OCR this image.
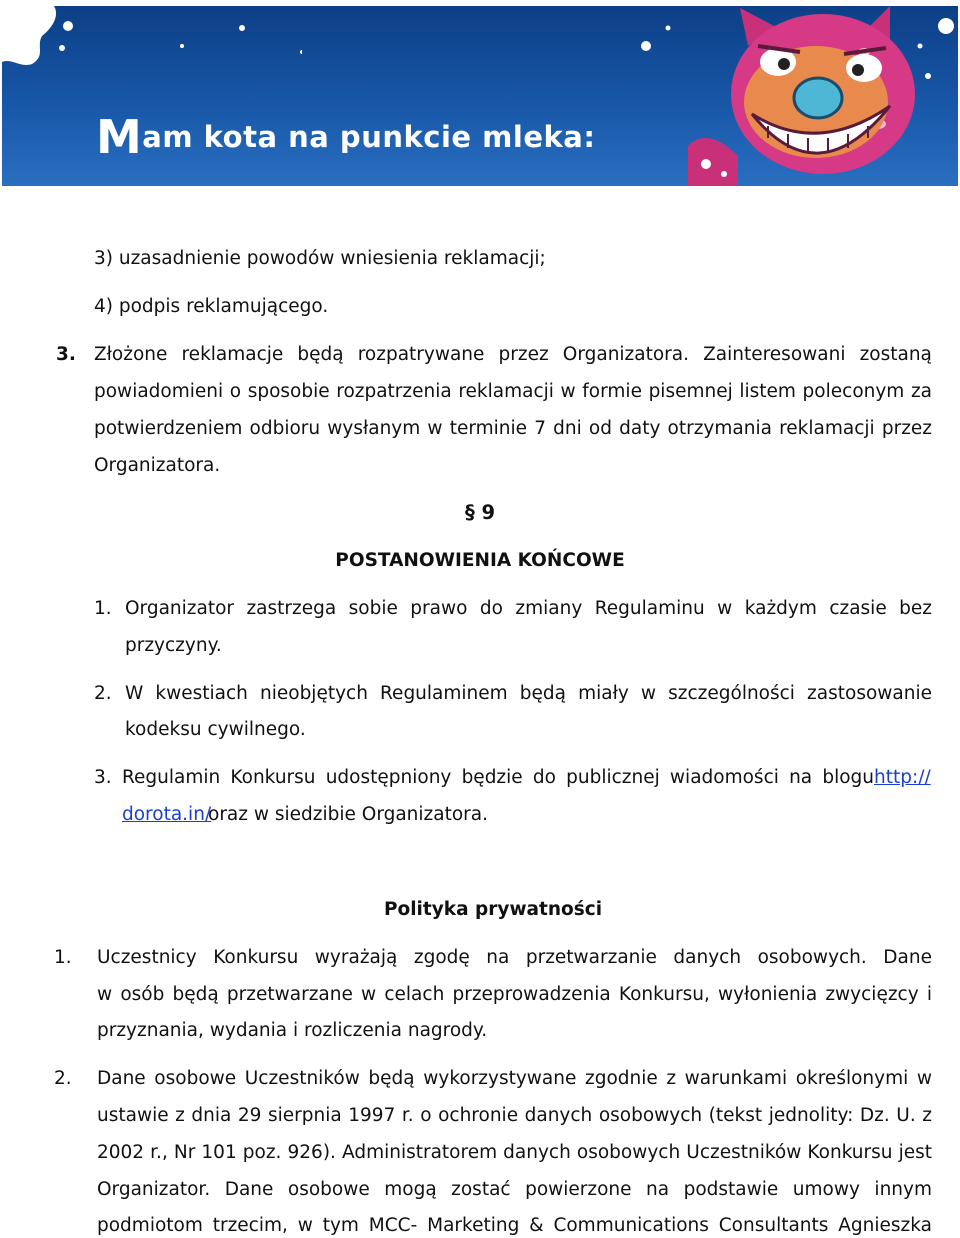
Mam kota na punkcie mleka:
3) uzasadnienie powodów wniesienia reklamacji;
4) podpis reklamującego.
3. Złożone reklamacje będą rozpatrywane przez Organizatora. Zainteresowani zostaną
powiadomieni o sposobie rozpatrzenia reklamacji w formie pisemnej listem poleconym za
potwierdzeniem odbioru wysłanym w terminie 7 dni od daty otrzymania reklamacji przez
Organizatora.
§ 9
POSTANOWIENIA KOŃCOWE
1. Organizator zastrzega sobie prawo do zmiany Regulaminu w każdym czasie bez
przyczyny.
2. W kwestiach nieobjętych Regulaminem będą miały w szczególności zastosowanie
kodeksu cywilnego.
3. Regulamin Konkursu udostępniony będzie do publicznej wiadomości na blogu http://
dorota.in/
oraz w siedzibie Organizatora.
Polityka prywatności
1. Uczestnicy Konkursu wyrażają zgodę na przetwarzanie danych osobowych. Dane
w osób będą przetwarzane w celach przeprowadzenia Konkursu, wyłonienia zwycięzcy i
przyznania, wydania i rozliczenia nagrody.
2. Dane osobowe Uczestników będą wykorzystywane zgodnie z warunkami określonymi w
ustawie z dnia 29 sierpnia 1997 r. o ochronie danych osobowych (tekst jednolity: Dz. U. z
2002 r., Nr 101 poz. 926). Administratorem danych osobowych Uczestników Konkursu jest
Organizator. Dane osobowe mogą zostać powierzone na podstawie umowy innym
podmiotom trzecim, w tym MCC- Marketing & Communications Consultants Agnieszka
